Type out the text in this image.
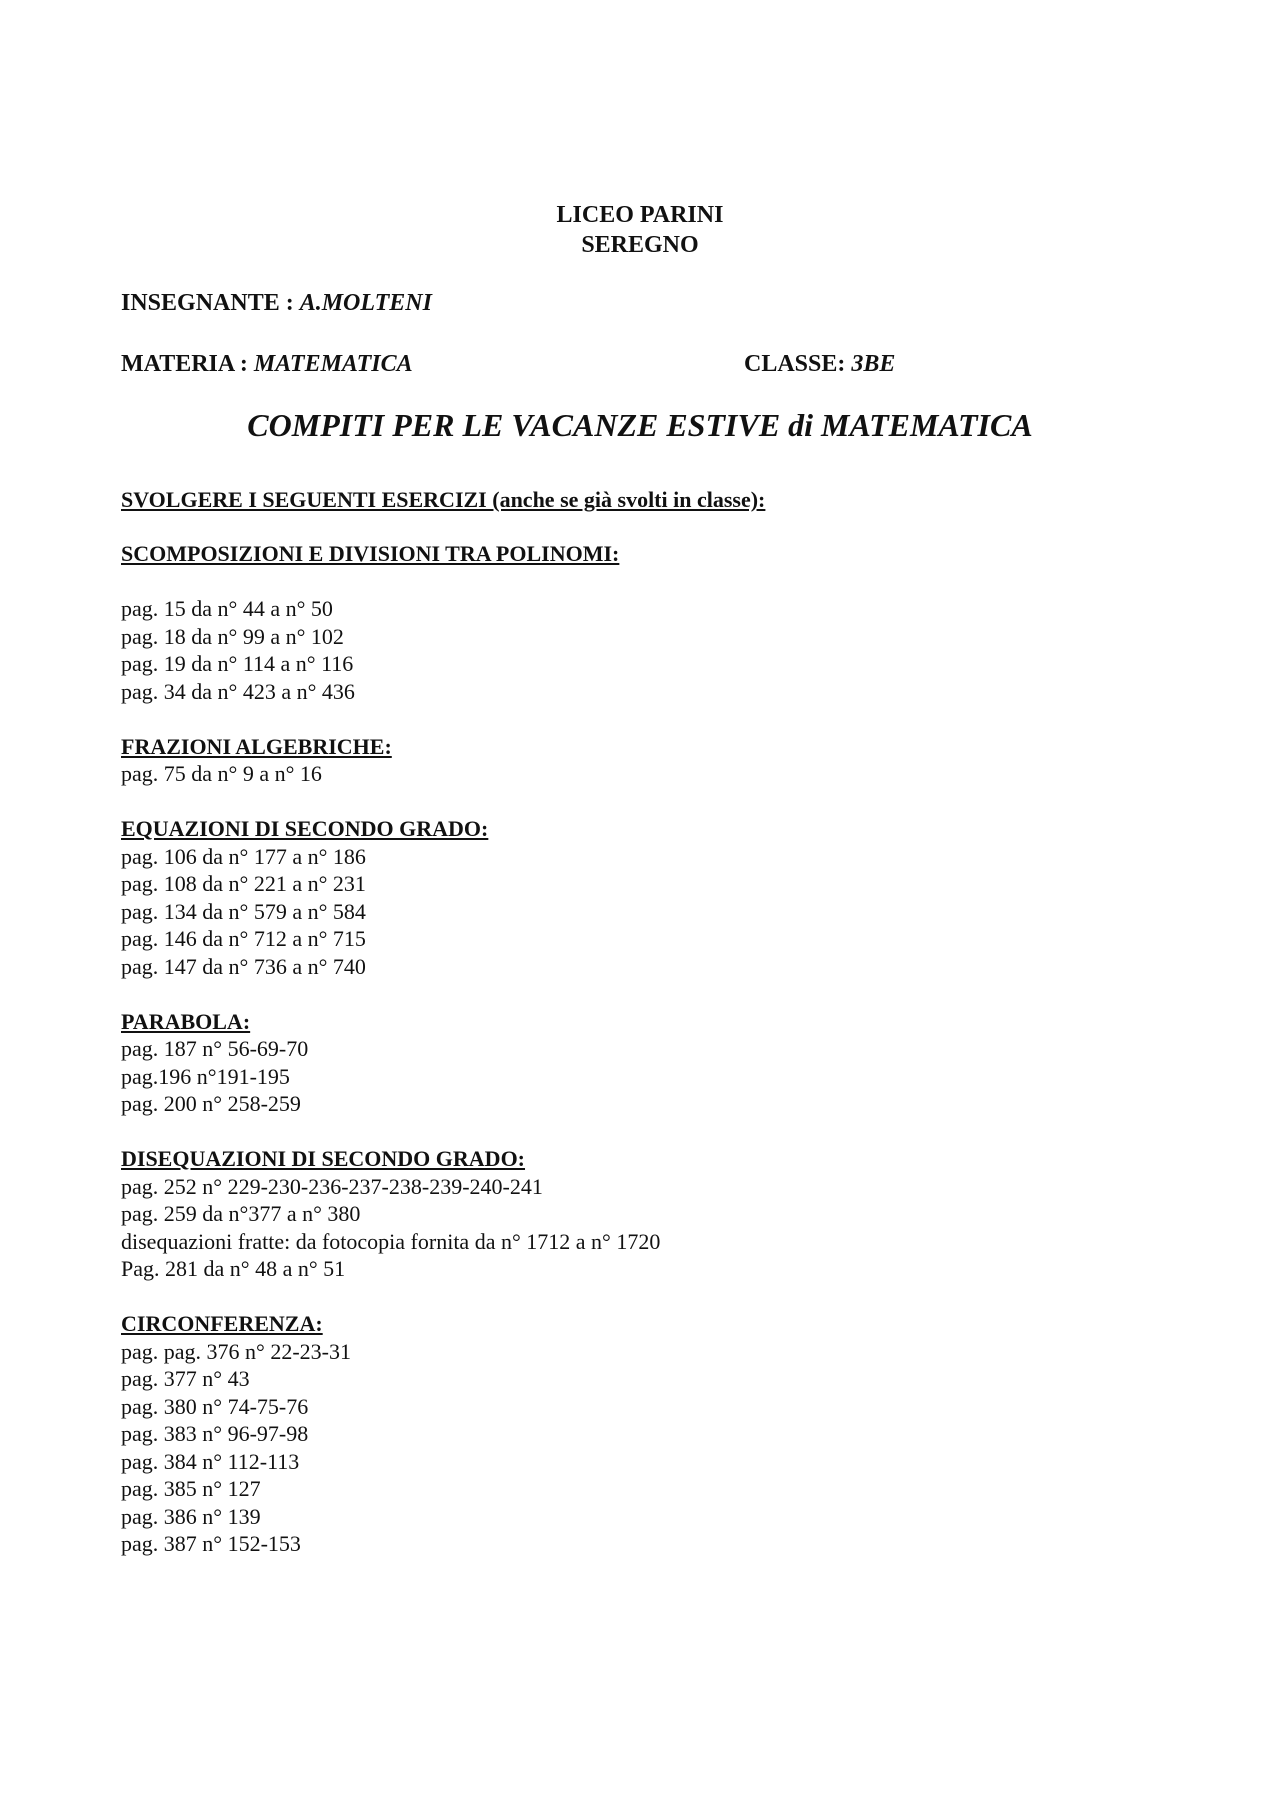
LICEO PARINI
SEREGNO
INSEGNANTE : A.MOLTENI
MATERIA : MATEMATICA	CLASSE: 3BE
COMPITI PER LE VACANZE ESTIVE di MATEMATICA
SVOLGERE I SEGUENTI ESERCIZI (anche se già svolti in classe):
SCOMPOSIZIONI E DIVISIONI TRA POLINOMI:
pag. 15 da n° 44 a n° 50
pag. 18 da n° 99 a n° 102
pag. 19 da n° 114 a n° 116
pag. 34 da n° 423 a n° 436
FRAZIONI ALGEBRICHE:
pag. 75 da n° 9 a n° 16
EQUAZIONI DI SECONDO GRADO:
pag. 106 da n° 177 a n° 186
pag. 108 da n° 221 a n° 231
pag. 134 da n° 579 a n° 584
pag. 146 da n° 712 a n° 715
pag. 147 da n° 736 a n° 740
PARABOLA:
pag. 187 n° 56-69-70
pag.196 n°191-195
pag. 200 n° 258-259
DISEQUAZIONI DI SECONDO GRADO:
pag. 252 n° 229-230-236-237-238-239-240-241
pag. 259 da n°377 a n° 380
disequazioni fratte: da fotocopia fornita da n° 1712 a n° 1720
Pag. 281 da n° 48 a n° 51
CIRCONFERENZA:
pag. pag. 376 n° 22-23-31
pag. 377 n° 43
pag. 380 n° 74-75-76
pag. 383 n° 96-97-98
pag. 384 n° 112-113
pag. 385 n° 127
pag. 386 n° 139
pag. 387 n° 152-153
